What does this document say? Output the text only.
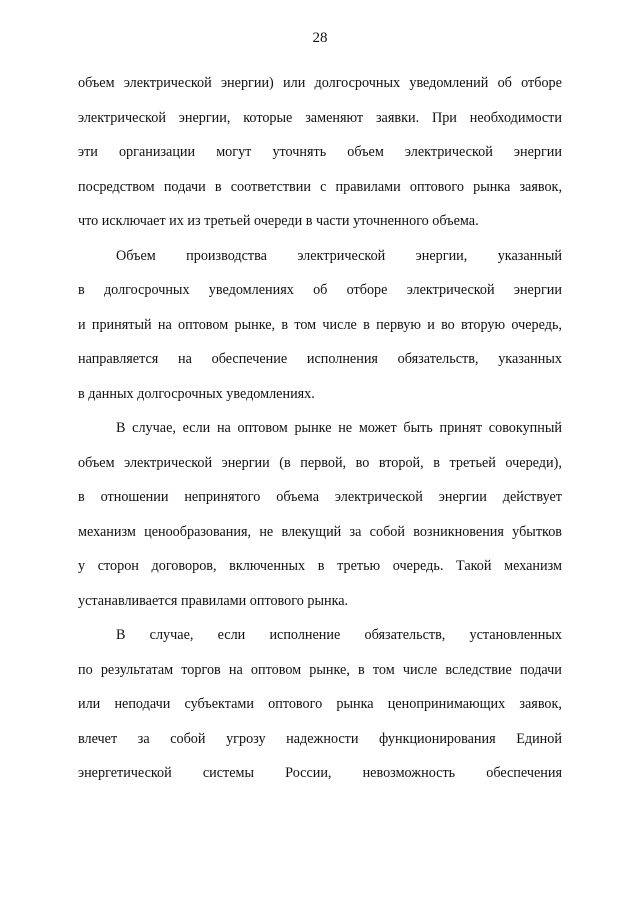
28
объем электрической энергии) или долгосрочных уведомлений об отборе
электрической энергии, которые заменяют заявки. При необходимости
эти организации могут уточнять объем электрической энергии
посредством подачи в соответствии с правилами оптового рынка заявок,
что исключает их из третьей очереди в части уточненного объема.
Объем производства электрической энергии, указанный
в долгосрочных уведомлениях об отборе электрической энергии
и принятый на оптовом рынке, в том числе в первую и во вторую очередь,
направляется на обеспечение исполнения обязательств, указанных
в данных долгосрочных уведомлениях.
В случае, если на оптовом рынке не может быть принят совокупный
объем электрической энергии (в первой, во второй, в третьей очереди),
в отношении непринятого объема электрической энергии действует
механизм ценообразования, не влекущий за собой возникновения убытков
у сторон договоров, включенных в третью очередь. Такой механизм
устанавливается правилами оптового рынка.
В случае, если исполнение обязательств, установленных
по результатам торгов на оптовом рынке, в том числе вследствие подачи
или неподачи субъектами оптового рынка ценопринимающих заявок,
влечет за собой угрозу надежности функционирования Единой
энергетической системы России, невозможность обеспечения
